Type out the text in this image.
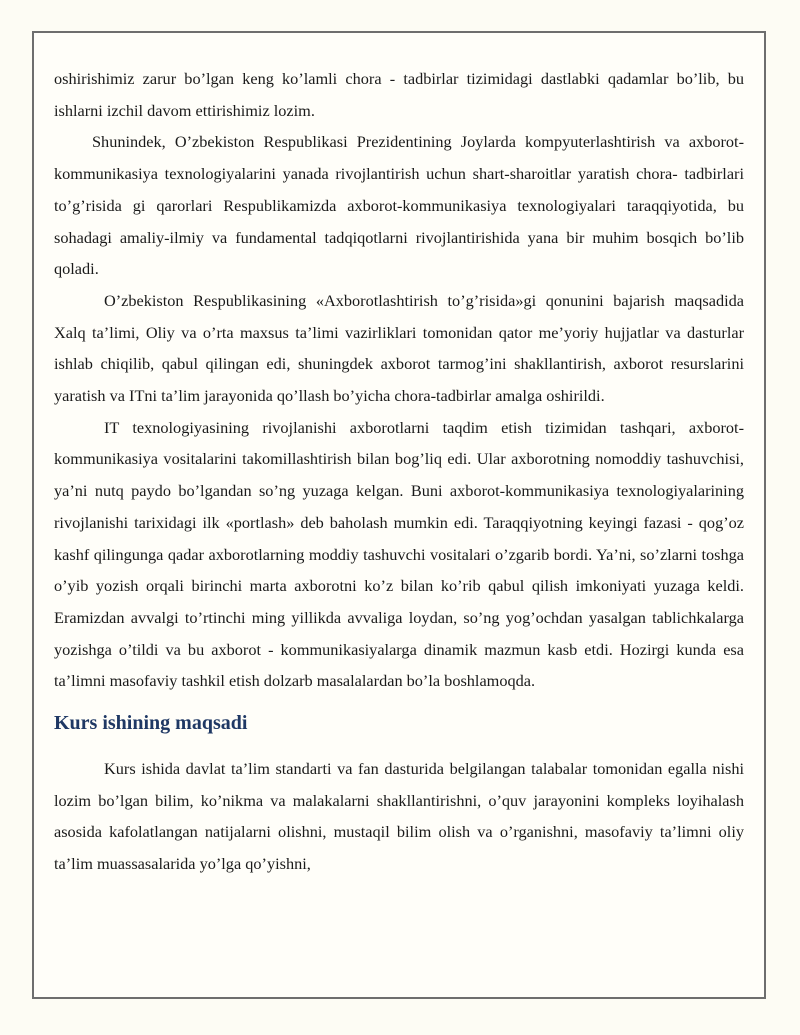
oshirishimiz zarur bo’lgan keng ko’lamli chora - tadbirlar tizimidagi dastlabki qadamlar bo’lib, bu ishlarni izchil davom ettirishimiz lozim.

Shunindek, O’zbekiston Respublikasi Prezidentining Joylarda kompyuterlashtirish va axborot-kommunikasiya texnologiyalarini yanada rivojlantirish uchun shart-sharoitlar yaratish chora- tadbirlari to’g’risida gi qarorlari Respublikamizda axborot-kommunikasiya texnologiyalari taraqqiyotida, bu sohadagi amaliy-ilmiy va fundamental tadqiqotlarni rivojlantirishida yana bir muhim bosqich bo’lib qoladi.

O’zbekiston Respublikasining «Axborotlashtirish to’g’risida»gi qonunini bajarish maqsadida Xalq ta’limi, Oliy va o’rta maxsus ta’limi vazirliklari tomonidan qator me’yoriy hujjatlar va dasturlar ishlab chiqilib, qabul qilingan edi, shuningdek axborot tarmog’ini shakllantirish, axborot resurslarini yaratish va ITni ta’lim jarayonida qo’llash bo’yicha chora-tadbirlar amalga oshirildi.

IT texnologiyasining rivojlanishi axborotlarni taqdim etish tizimidan tashqari, axborot-kommunikasiya vositalarini takomillashtirish bilan bog’liq edi. Ular axborotning nomoddiy tashuvchisi, ya’ni nutq paydo bo’lgandan so’ng yuzaga kelgan. Buni axborot-kommunikasiya texnologiyalarining rivojlanishi tarixidagi ilk «portlash» deb baholash mumkin edi. Taraqqiyotning keyingi fazasi - qog’oz kashf qilingunga qadar axborotlarning moddiy tashuvchi vositalari o’zgarib bordi. Ya’ni, so’zlarni toshga o’yib yozish orqali birinchi marta axborotni ko’z bilan ko’rib qabul qilish imkoniyati yuzaga keldi. Eramizdan avvalgi to’rtinchi ming yillikda avvaliga loydan, so’ng yog’ochdan yasalgan tablichkalarga yozishga o’tildi va bu axborot - kommunikasiyalarga dinamik mazmun kasb etdi. Hozirgi kunda esa ta’limni masofaviy tashkil etish dolzarb masalalardan bo’la boshlamoqda.

Kurs ishining maqsadi

Kurs ishida davlat ta’lim standarti va fan dasturida belgilangan talabalar tomonidan egalla nishi lozim bo’lgan bilim, ko’nikma va malakalarni shakllantirishni, o’quv jarayonini kompleks loyihalash asosida kafolatlangan natijalarni olishni, mustaqil bilim olish va o’rganishni, masofaviy ta’limni oliy ta’lim muassasalarida yo’lga qo’yishni,
